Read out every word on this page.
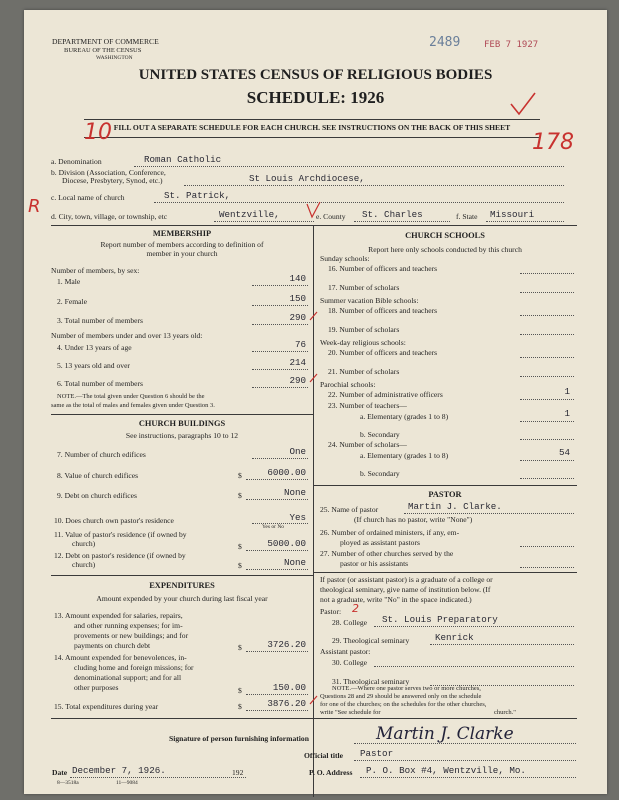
DEPARTMENT OF COMMERCE
BUREAU OF THE CENSUS
WASHINGTON
2489	FEB 7 1927
UNITED STATES CENSUS OF RELIGIOUS BODIES
SCHEDULE: 1926
FILL OUT A SEPARATE SCHEDULE FOR EACH CHURCH. SEE INSTRUCTIONS ON THE BACK OF THIS SHEET
10	178
R
a. Denomination	Roman Catholic
b. Division (Association, Conference,
Diocese, Presbytery, Synod, etc.)	St Louis Archdiocese,
c. Local name of church	St. Patrick,
d. City, town, village, or township, etc	Wentzville,	e. County St. Charles	f. State Missouri
MEMBERSHIP
Report number of members according to definition of
member in your church
Number of members, by sex:
1. Male	140
2. Female	150
3. Total number of members	290
Number of members under and over 13 years old:
4. Under 13 years of age	76
5. 13 years old and over	214
6. Total number of members	290
NOTE.—The total given under Question 6 should be the
same as the total of males and females given under Question 3.
CHURCH BUILDINGS
See instructions, paragraphs 10 to 12
7. Number of church edifices	One
8. Value of church edifices	$	6000.00
9. Debt on church edifices	$	None
10. Does church own pastor's residence	Yes
Yes or No
11. Value of pastor's residence (if owned by
church)	$	5000.00
12. Debt on pastor's residence (if owned by
church)	$	None
EXPENDITURES
Amount expended by your church during last fiscal year
13. Amount expended for salaries, repairs,
and other running expenses; for im-
provements or new buildings; and for
payments on church debt	$	3726.20
14. Amount expended for benevolences, in-
cluding home and foreign missions; for
denominational support; and for all
other purposes	$	150.00
15. Total expenditures during year	$	3876.20
CHURCH SCHOOLS
Report here only schools conducted by this church
Sunday schools:
16. Number of officers and teachers
17. Number of scholars
Summer vacation Bible schools:
18. Number of officers and teachers
19. Number of scholars
Week-day religious schools:
20. Number of officers and teachers
21. Number of scholars
Parochial schools:
22. Number of administrative officers	1
23. Number of teachers—
a. Elementary (grades 1 to 8)	1
b. Secondary
24. Number of scholars—
a. Elementary (grades 1 to 8)	54
b. Secondary
PASTOR
25. Name of pastor	Martin J. Clarke.
(If church has no pastor, write "None")
26. Number of ordained ministers, if any, em-
ployed as assistant pastors
27. Number of other churches served by the
pastor or his assistants
If pastor (or assistant pastor) is a graduate of a college or
theological seminary, give name of institution below. (If
not a graduate, write "No" in the space indicated.)
Pastor: 2
28. College St. Louis Preparatory
29. Theological seminary	Kenrick
Assistant pastor:
30. College
31. Theological seminary
NOTE.—Where one pastor serves two or more churches,
Questions 28 and 29 should be answered only on the schedule
for one of the churches; on the schedules for the other churches,
write "See schedule for	church."
Signature of person furnishing information	Martin J. Clarke
Official title Pastor
Date December 7, 1926.	192	P. O. Address P. O. Box #4, Wentzville, Mo.
8—3518a	11—9084
